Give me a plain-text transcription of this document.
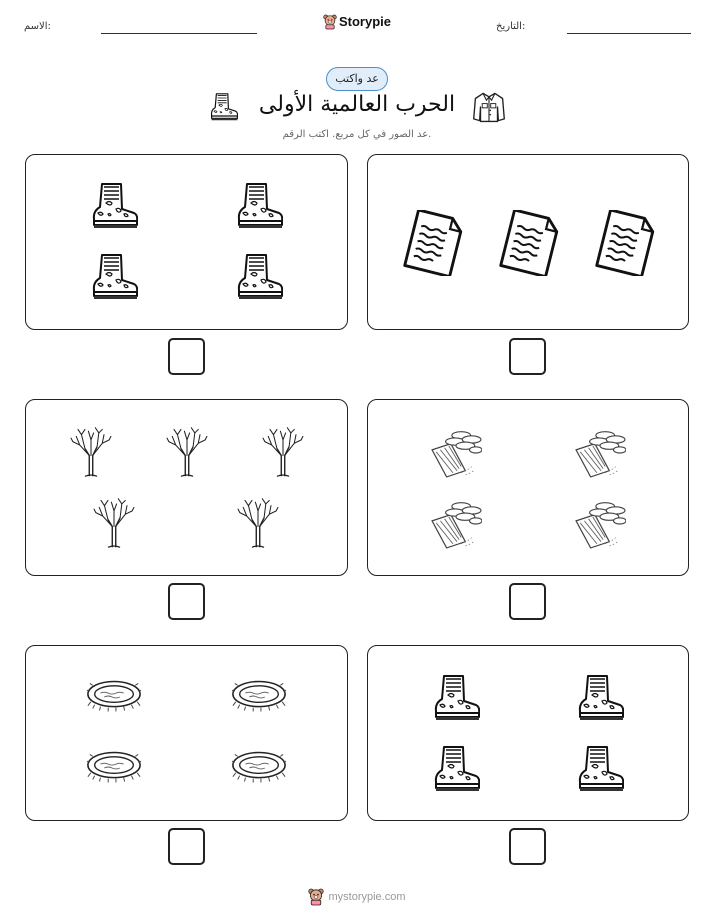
الاسم:	Storypie	التاريخ:
عد واكتب
الحرب العالمية الأولى
عد الصور في كل مربع. اكتب الرقم.
mystorypie.com
